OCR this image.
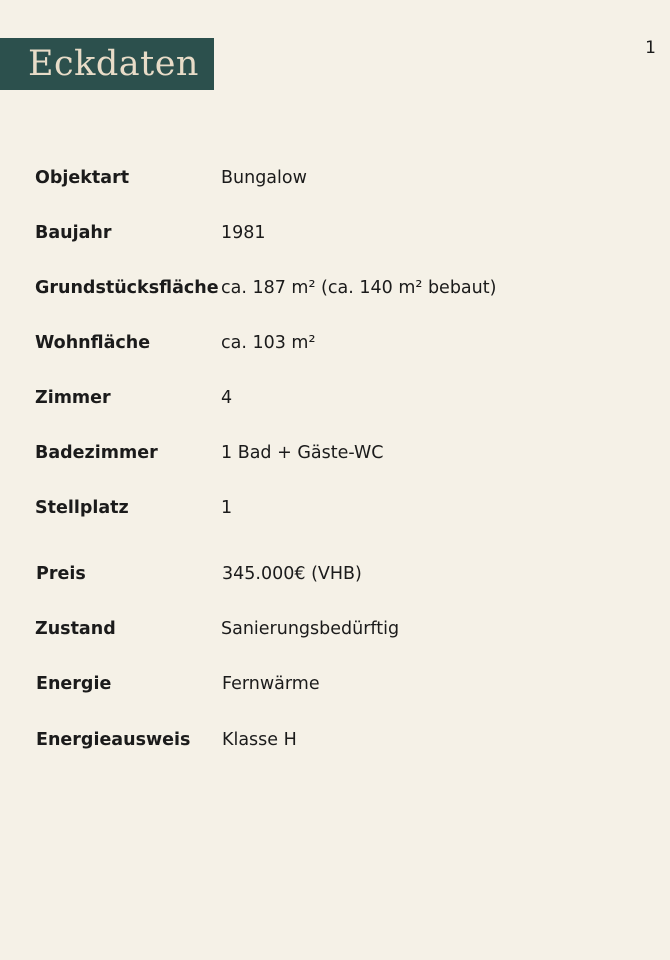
Eckdaten	1
Objektart	Bungalow
Baujahr	1981
Grundstücksfläche ca. 187 m² (ca. 140 m² bebaut)
Wohnfläche	ca. 103 m²
Zimmer	4
Badezimmer	1 Bad + Gäste-WC
Stellplatz	1
Preis	345.000€ (VHB)
Zustand	Sanierungsbedürftig
Energie	Fernwärme
Energieausweis	Klasse H
